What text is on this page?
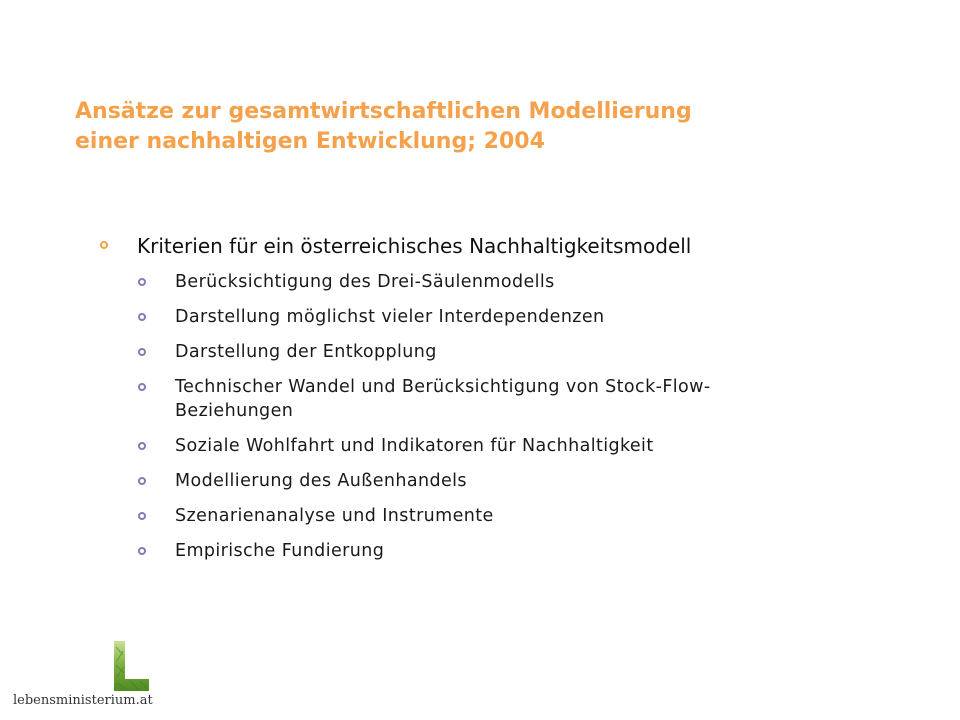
Ansätze zur gesamtwirtschaftlichen Modellierung
einer nachhaltigen Entwicklung; 2004
Kriterien für ein österreichisches Nachhaltigkeitsmodell
Berücksichtigung des Drei-Säulenmodells
Darstellung möglichst vieler Interdependenzen
Darstellung der Entkopplung
Technischer Wandel und Berücksichtigung von Stock-Flow-Beziehungen
Soziale Wohlfahrt und Indikatoren für Nachhaltigkeit
Modellierung des Außenhandels
Szenarienanalyse und Instrumente
Empirische Fundierung
lebensministerium.at
